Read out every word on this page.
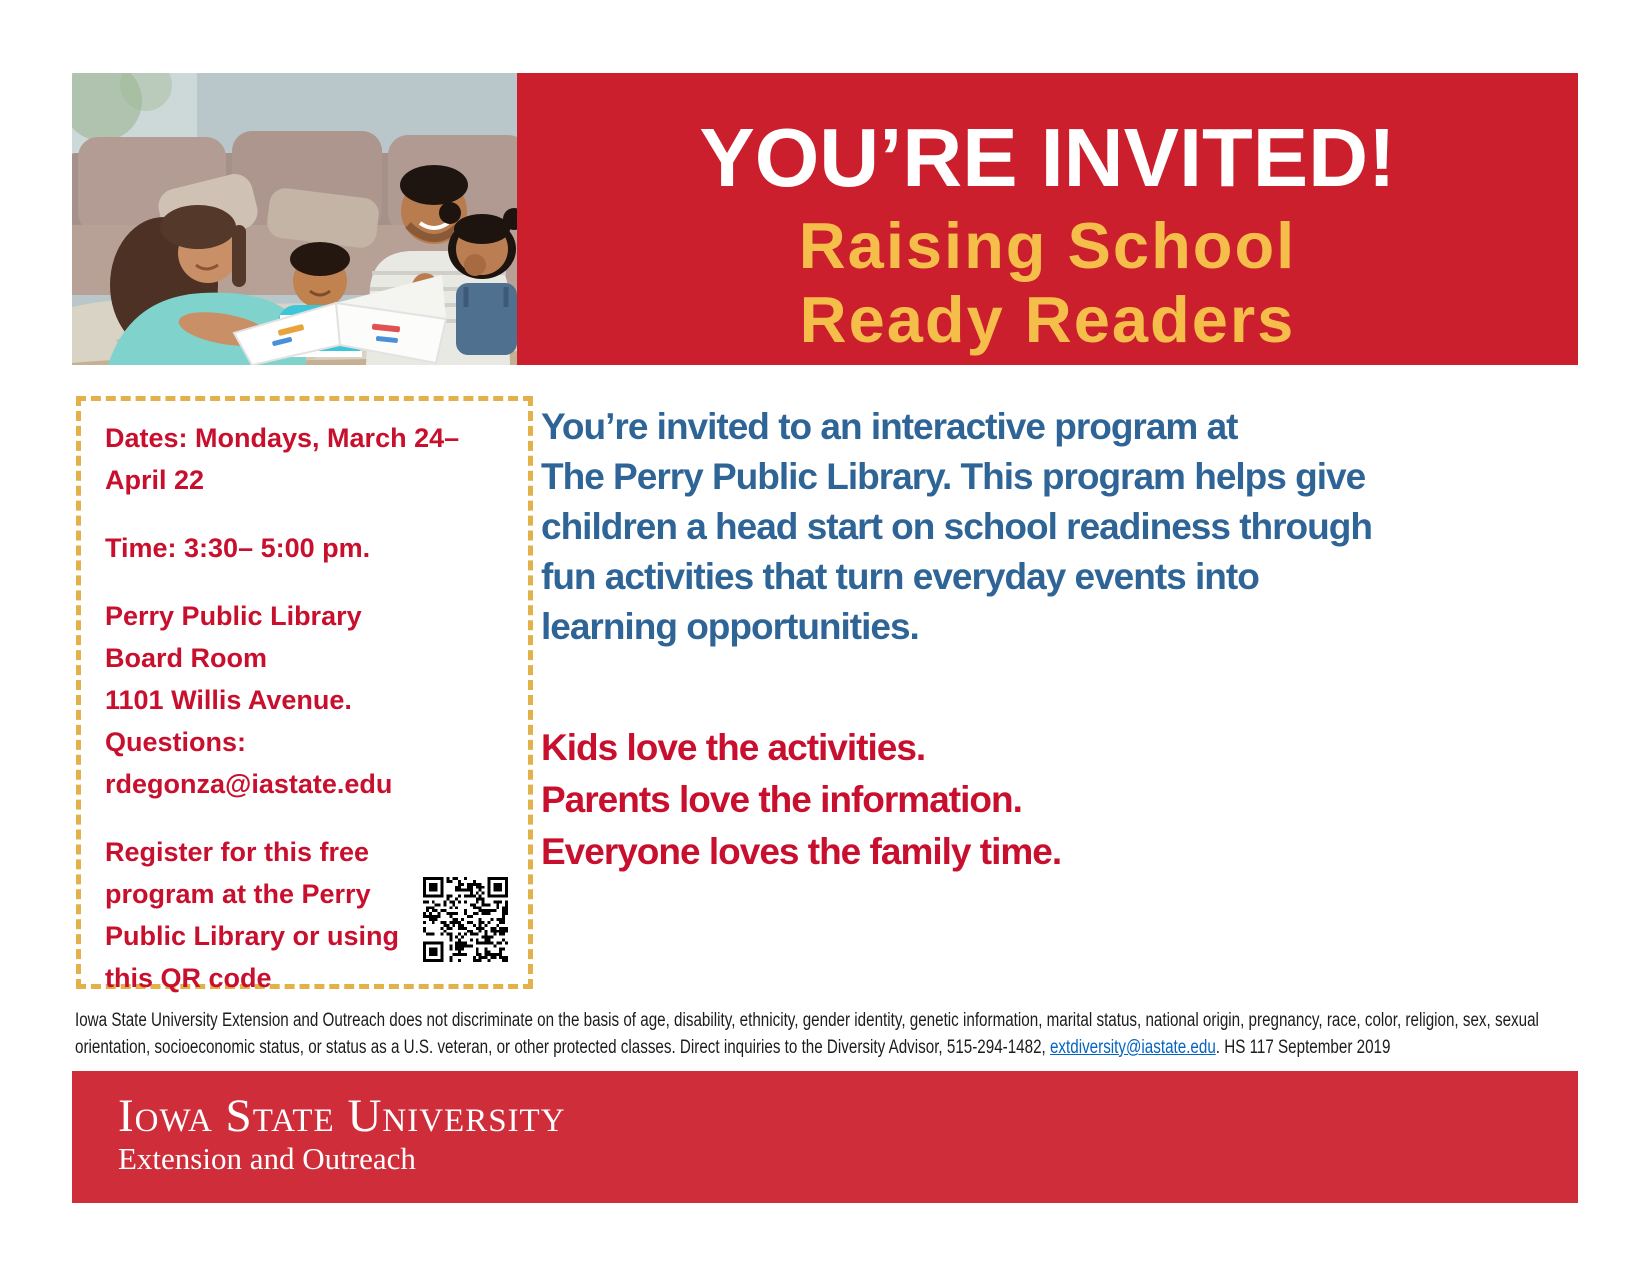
YOU’RE INVITED!
Raising School
Ready Readers

Dates: Mondays, March 24– April 22

Time: 3:30– 5:00 pm.

Perry Public Library
Board Room
1101 Willis Avenue.
Questions:
rdegonza@iastate.edu

Register for this free program at the Perry Public Library or using this QR code

You’re invited to an interactive program at
The Perry Public Library. This program helps give
children a head start on school readiness through
fun activities that turn everyday events into
learning opportunities.
Kids love the activities.
Parents love the information.
Everyone loves the family time.
Iowa State University Extension and Outreach does not discriminate on the basis of age, disability, ethnicity, gender identity, genetic information, marital status, national origin, pregnancy, race, color, religion, sex, sexual
orientation, socioeconomic status, or status as a U.S. veteran, or other protected classes. Direct inquiries to the Diversity Advisor, 515-294-1482, extdiversity@iastate.edu. HS 117 September 2019
Iowa State University
Extension and Outreach
